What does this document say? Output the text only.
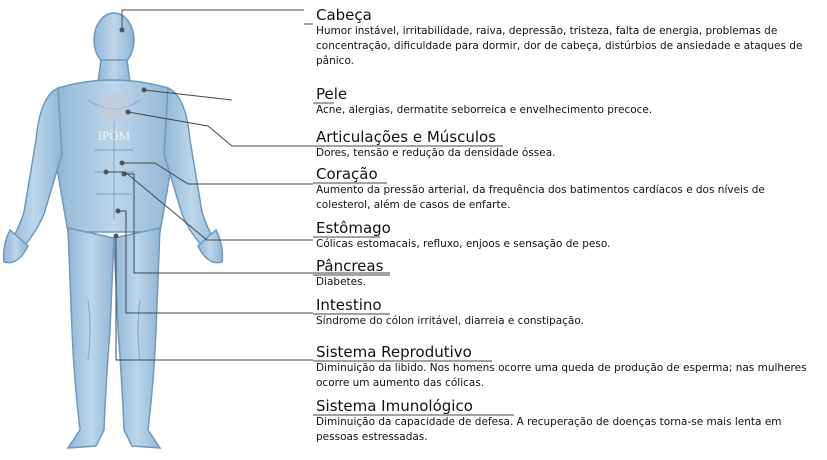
IPOM
Cabeça
Humor instável, irritabilidade, raiva, depressão, tristeza, falta de energia, problemas de concentração, dificuldade para dormir, dor de cabeça, distúrbios de ansiedade e ataques de pânico.
Pele
Acne, alergias, dermatite seborreica e envelhecimento precoce.
Articulações e Músculos
Dores, tensão e redução da densidade óssea.
Coração
Aumento da pressão arterial, da frequência dos batimentos cardíacos e dos níveis de colesterol, além de casos de enfarte.
Estômago
Cólicas estomacais, refluxo, enjoos e sensação de peso.
Pâncreas
Diabetes.
Intestino
Síndrome do cólon irritável, diarreia e constipação.
Sistema Reprodutivo
Diminuição da libido. Nos homens ocorre uma queda de produção de esperma; nas mulheres ocorre um aumento das cólicas.
Sistema Imunológico
Diminuição da capacidade de defesa. A recuperação de doenças torna-se mais lenta em pessoas estressadas.
